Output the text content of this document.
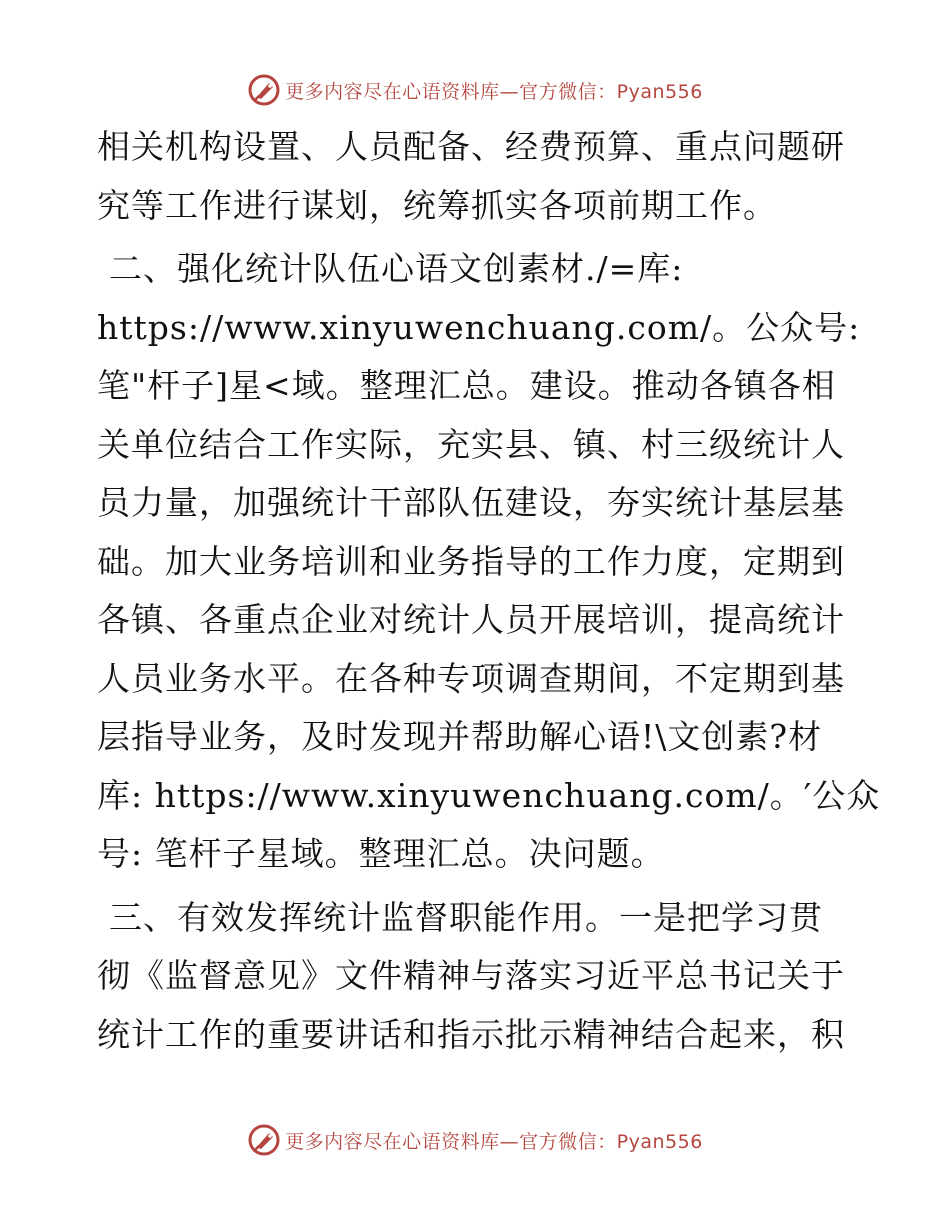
更多内容尽在心语资料库—官方微信：Pyan556

相关机构设置、人员配备、经费预算、重点问题研
究等工作进行谋划，统筹抓实各项前期工作。

二、强化统计队伍心语文创素材./=库:
https://www.xinyuwenchuang.com/。公众号:
笔"杆子]星<域。整理汇总。建设。推动各镇各相
关单位结合工作实际，充实县、镇、村三级统计人
员力量，加强统计干部队伍建设，夯实统计基层基
础。加大业务培训和业务指导的工作力度，定期到
各镇、各重点企业对统计人员开展培训，提高统计
人员业务水平。在各种专项调查期间，不定期到基
层指导业务，及时发现并帮助解心语!\文创素?材
库: https://www.xinyuwenchuang.com/。′公众
号: 笔杆子星域。整理汇总。决问题。

三、有效发挥统计监督职能作用。一是把学习贯
彻《监督意见》文件精神与落实习近平总书记关于
统计工作的重要讲话和指示批示精神结合起来，积

更多内容尽在心语资料库—官方微信：Pyan556
